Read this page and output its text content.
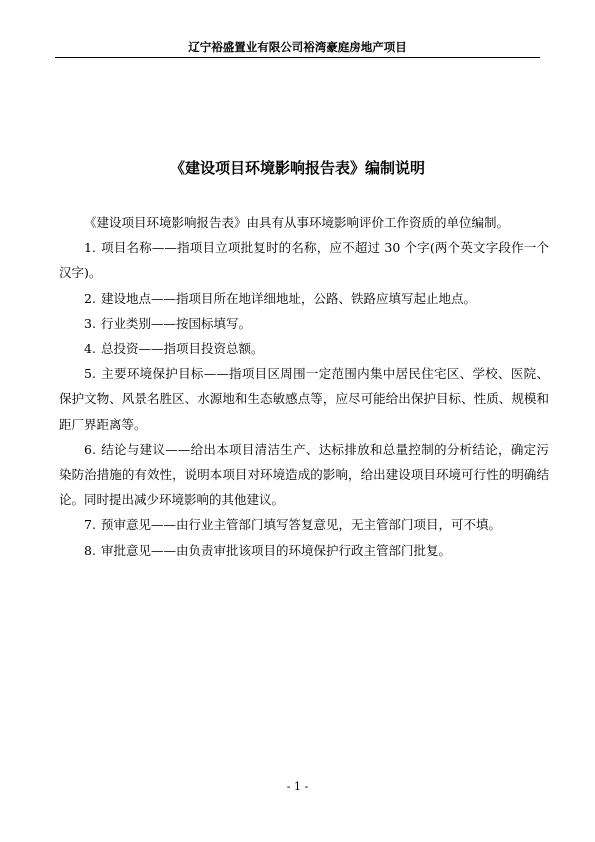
辽宁裕盛置业有限公司裕湾豪庭房地产项目
《建设项目环境影响报告表》编制说明

《建设项目环境影响报告表》由具有从事环境影响评价工作资质的单位编制。

1. 项目名称——指项目立项批复时的名称，应不超过 30 个字(两个英文字段作一个汉字)。

2. 建设地点——指项目所在地详细地址，公路、铁路应填写起止地点。

3. 行业类别——按国标填写。

4. 总投资——指项目投资总额。

5. 主要环境保护目标——指项目区周围一定范围内集中居民住宅区、学校、医院、保护文物、风景名胜区、水源地和生态敏感点等，应尽可能给出保护目标、性质、规模和距厂界距离等。

6. 结论与建议——给出本项目清洁生产、达标排放和总量控制的分析结论，确定污染防治措施的有效性，说明本项目对环境造成的影响，给出建设项目环境可行性的明确结论。同时提出减少环境影响的其他建议。

7. 预审意见——由行业主管部门填写答复意见，无主管部门项目，可不填。

8. 审批意见——由负责审批该项目的环境保护行政主管部门批复。

- 1 -
